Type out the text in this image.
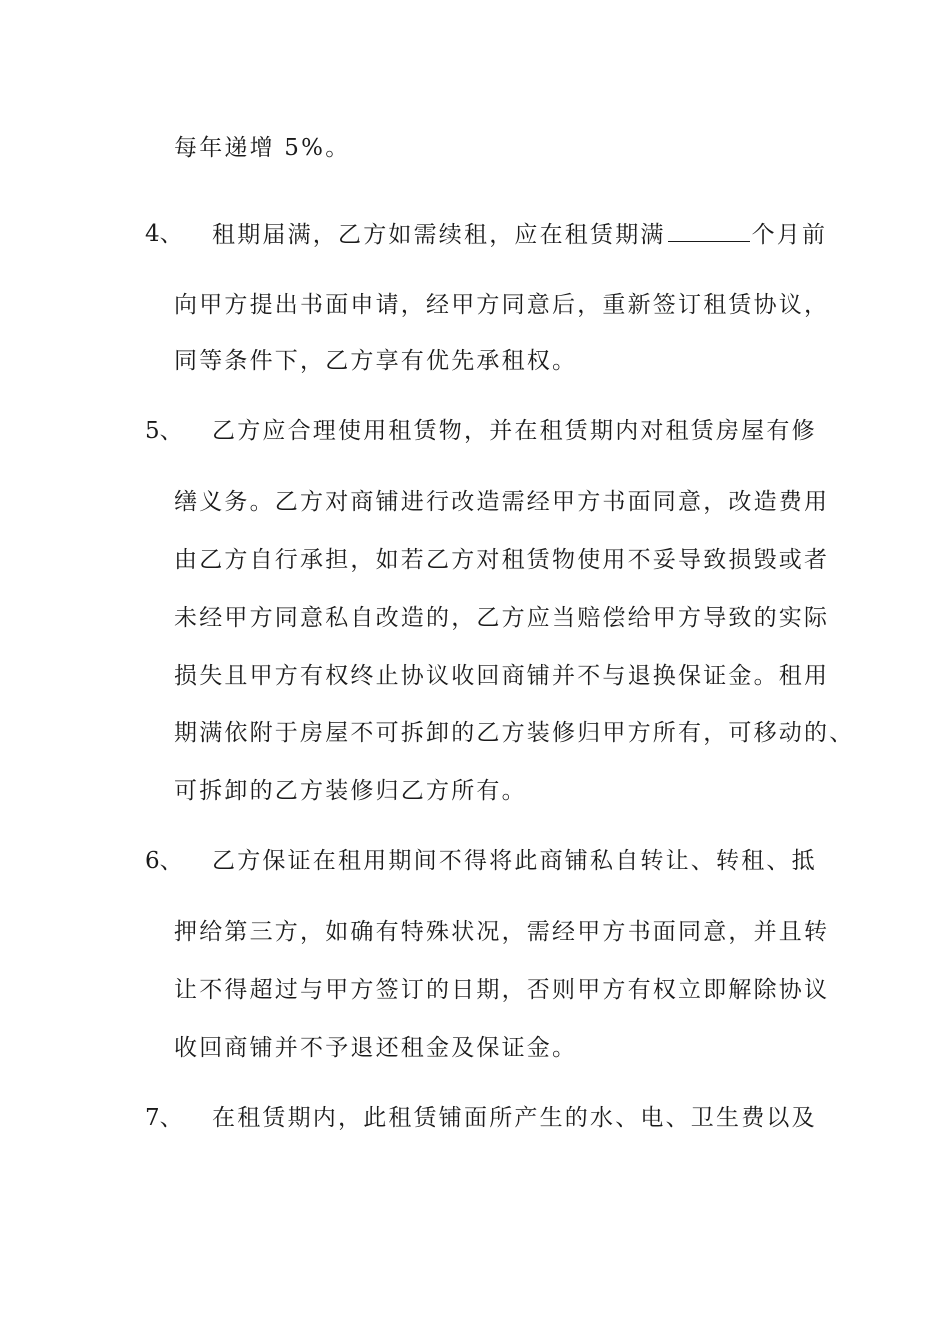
每年递增 5%。
4、 租期届满，乙方如需续租，应在租赁期满	个月前
向甲方提出书面申请，经甲方同意后，重新签订租赁协议，
同等条件下，乙方享有优先承租权。
5、 乙方应合理使用租赁物，并在租赁期内对租赁房屋有修
缮义务。乙方对商铺进行改造需经甲方书面同意，改造费用
由乙方自行承担，如若乙方对租赁物使用不妥导致损毁或者
未经甲方同意私自改造的，乙方应当赔偿给甲方导致的实际
损失且甲方有权终止协议收回商铺并不与退换保证金。租用
期满依附于房屋不可拆卸的乙方装修归甲方所有，可移动的、
可拆卸的乙方装修归乙方所有。
6、 乙方保证在租用期间不得将此商铺私自转让、转租、抵
押给第三方，如确有特殊状况，需经甲方书面同意，并且转
让不得超过与甲方签订的日期，否则甲方有权立即解除协议
收回商铺并不予退还租金及保证金。
7、 在租赁期内，此租赁铺面所产生的水、电、卫生费以及
